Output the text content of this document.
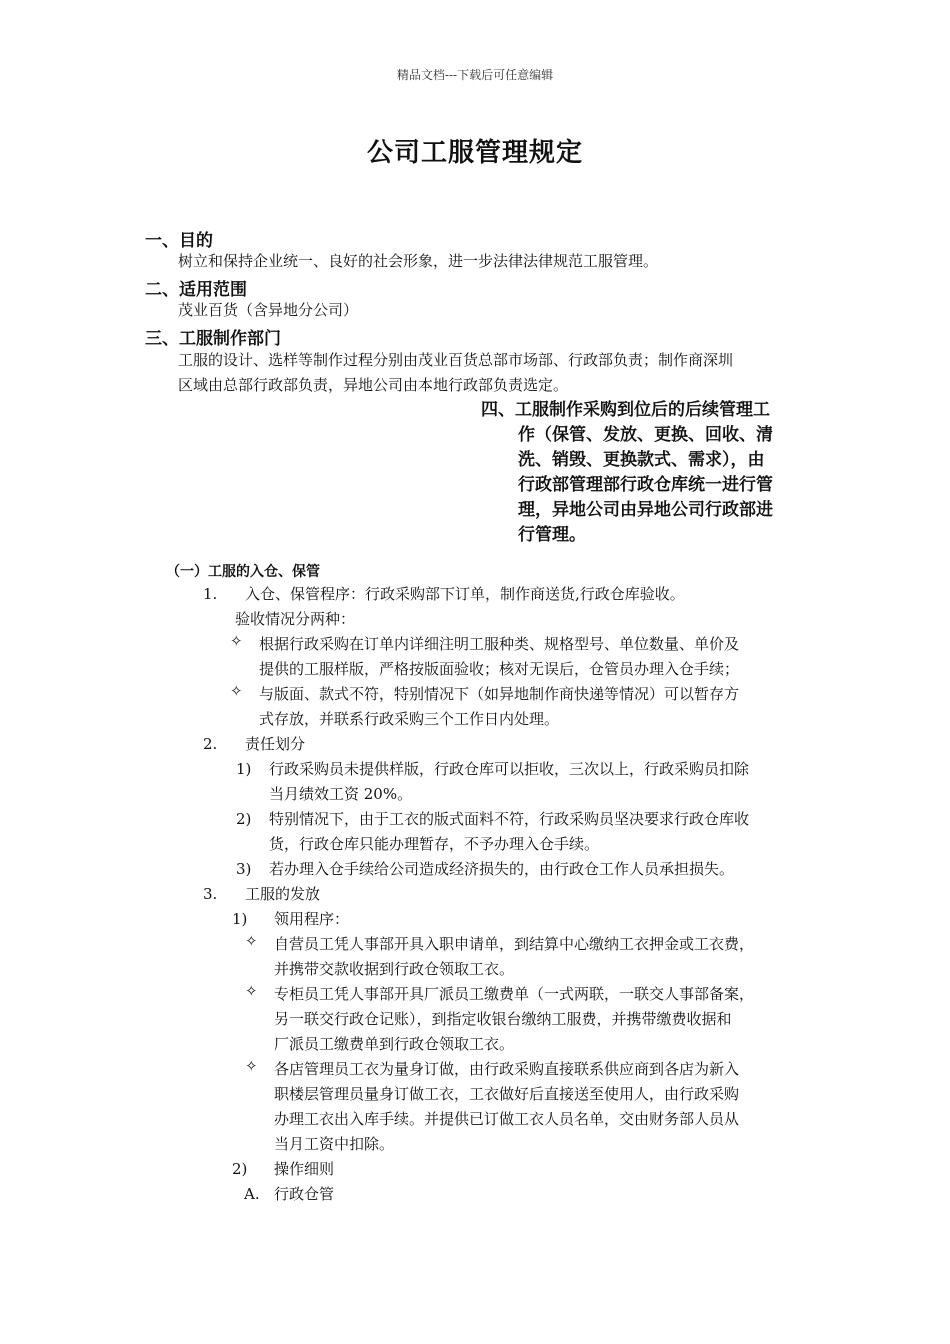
精品文档---下载后可任意编辑
公司工服管理规定
一、目的
树立和保持企业统一、良好的社会形象，进一步法律法律规范工服管理。
二、适用范围
茂业百货（含异地分公司）
三、工服制作部门
工服的设计、选样等制作过程分别由茂业百货总部市场部、行政部负责；制作商深圳
区域由总部行政部负责，异地公司由本地行政部负责选定。
四、工服制作采购到位后的后续管理工
作（保管、发放、更换、回收、清
洗、销毁、更换款式、需求），由
行政部管理部行政仓库统一进行管
理，异地公司由异地公司行政部进
行管理。
（一）工服的入仓、保管
1. 入仓、保管程序：行政采购部下订单，制作商送货,行政仓库验收。
验收情况分两种：
✧ 根据行政采购在订单内详细注明工服种类、规格型号、单位数量、单价及
提供的工服样版，严格按版面验收；核对无误后，仓管员办理入仓手续；
✧ 与版面、款式不符，特别情况下（如异地制作商快递等情况）可以暂存方
式存放，并联系行政采购三个工作日内处理。
2. 责任划分
1) 行政采购员未提供样版，行政仓库可以拒收，三次以上，行政采购员扣除
当月绩效工资 20%。
2) 特别情况下，由于工衣的版式面料不符，行政采购员坚决要求行政仓库收
货，行政仓库只能办理暂存，不予办理入仓手续。
3) 若办理入仓手续给公司造成经济损失的，由行政仓工作人员承担损失。
3. 工服的发放
1) 领用程序：
✧ 自营员工凭人事部开具入职申请单，到结算中心缴纳工衣押金或工衣费，
并携带交款收据到行政仓领取工衣。
✧ 专柜员工凭人事部开具厂派员工缴费单（一式两联，一联交人事部备案，
另一联交行政仓记账），到指定收银台缴纳工服费，并携带缴费收据和
厂派员工缴费单到行政仓领取工衣。
✧ 各店管理员工衣为量身订做，由行政采购直接联系供应商到各店为新入
职楼层管理员量身订做工衣，工衣做好后直接送至使用人，由行政采购
办理工衣出入库手续。并提供已订做工衣人员名单，交由财务部人员从
当月工资中扣除。
2) 操作细则
A. 行政仓管
